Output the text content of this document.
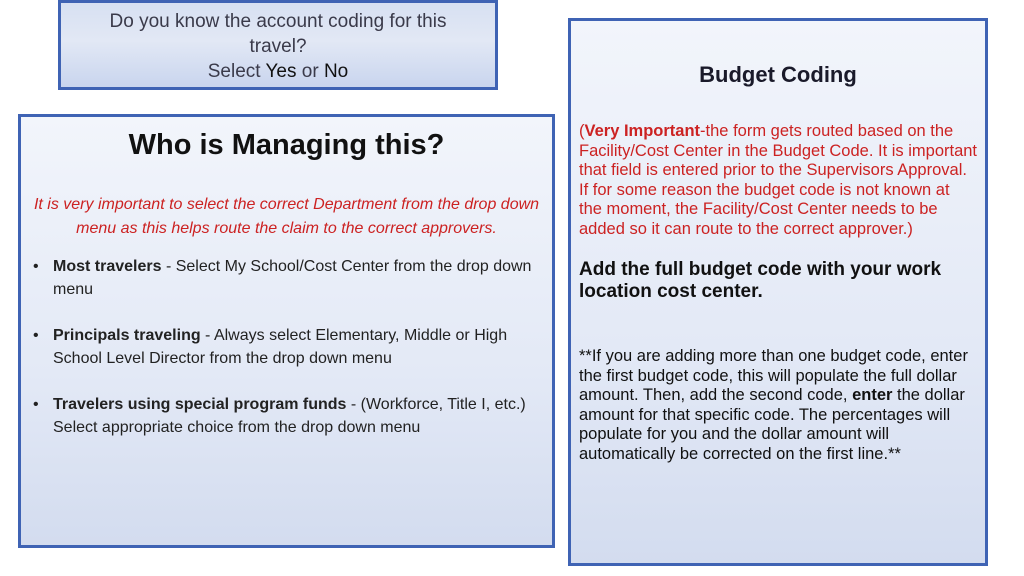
Do you know the account coding for this
travel?
Select Yes or No
Who is Managing this?
It is very important to select the correct Department from the drop down menu as this helps route the claim to the correct approvers.
• Most travelers - Select My School/Cost Center from the drop down menu
• Principals traveling - Always select Elementary, Middle or High School Level Director from the drop down menu
• Travelers using special program funds - (Workforce, Title I, etc.) Select appropriate choice from the drop down menu
Budget Coding
(Very Important-the form gets routed based on the Facility/Cost Center in the Budget Code. It is important that field is entered prior to the Supervisors Approval. If for some reason the budget code is not known at the moment, the Facility/Cost Center needs to be added so it can route to the correct approver.)
Add the full budget code with your work location cost center.
**If you are adding more than one budget code, enter the first budget code, this will populate the full dollar amount. Then, add the second code, enter the dollar amount for that specific code. The percentages will populate for you and the dollar amount will automatically be corrected on the first line.**
